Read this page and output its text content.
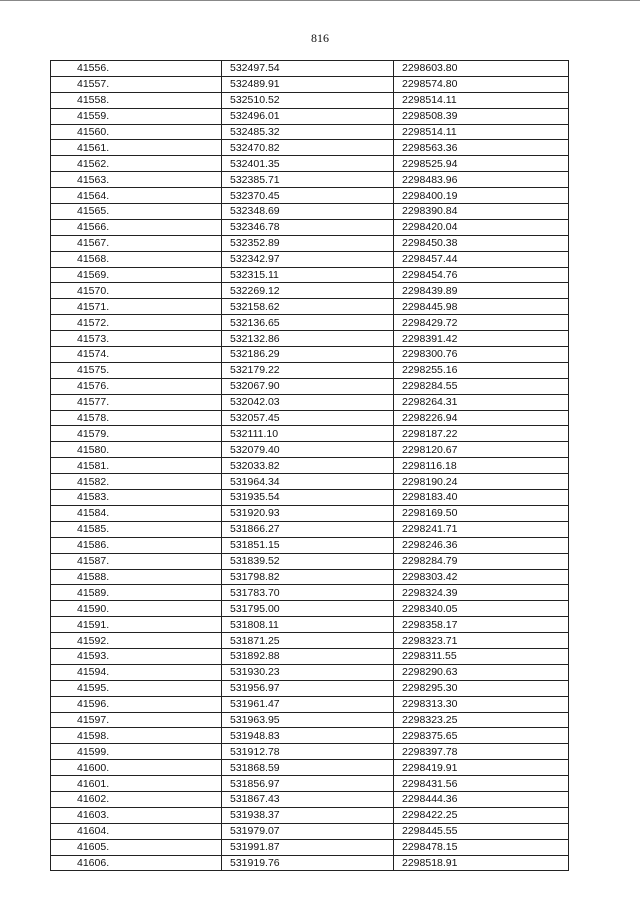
816
41556.	532497.54	2298603.80
41557.	532489.91	2298574.80
41558.	532510.52	2298514.11
41559.	532496.01	2298508.39
41560.	532485.32	2298514.11
41561.	532470.82	2298563.36
41562.	532401.35	2298525.94
41563.	532385.71	2298483.96
41564.	532370.45	2298400.19
41565.	532348.69	2298390.84
41566.	532346.78	2298420.04
41567.	532352.89	2298450.38
41568.	532342.97	2298457.44
41569.	532315.11	2298454.76
41570.	532269.12	2298439.89
41571.	532158.62	2298445.98
41572.	532136.65	2298429.72
41573.	532132.86	2298391.42
41574.	532186.29	2298300.76
41575.	532179.22	2298255.16
41576.	532067.90	2298284.55
41577.	532042.03	2298264.31
41578.	532057.45	2298226.94
41579.	532111.10	2298187.22
41580.	532079.40	2298120.67
41581.	532033.82	2298116.18
41582.	531964.34	2298190.24
41583.	531935.54	2298183.40
41584.	531920.93	2298169.50
41585.	531866.27	2298241.71
41586.	531851.15	2298246.36
41587.	531839.52	2298284.79
41588.	531798.82	2298303.42
41589.	531783.70	2298324.39
41590.	531795.00	2298340.05
41591.	531808.11	2298358.17
41592.	531871.25	2298323.71
41593.	531892.88	2298311.55
41594.	531930.23	2298290.63
41595.	531956.97	2298295.30
41596.	531961.47	2298313.30
41597.	531963.95	2298323.25
41598.	531948.83	2298375.65
41599.	531912.78	2298397.78
41600.	531868.59	2298419.91
41601.	531856.97	2298431.56
41602.	531867.43	2298444.36
41603.	531938.37	2298422.25
41604.	531979.07	2298445.55
41605.	531991.87	2298478.15
41606.	531919.76	2298518.91
